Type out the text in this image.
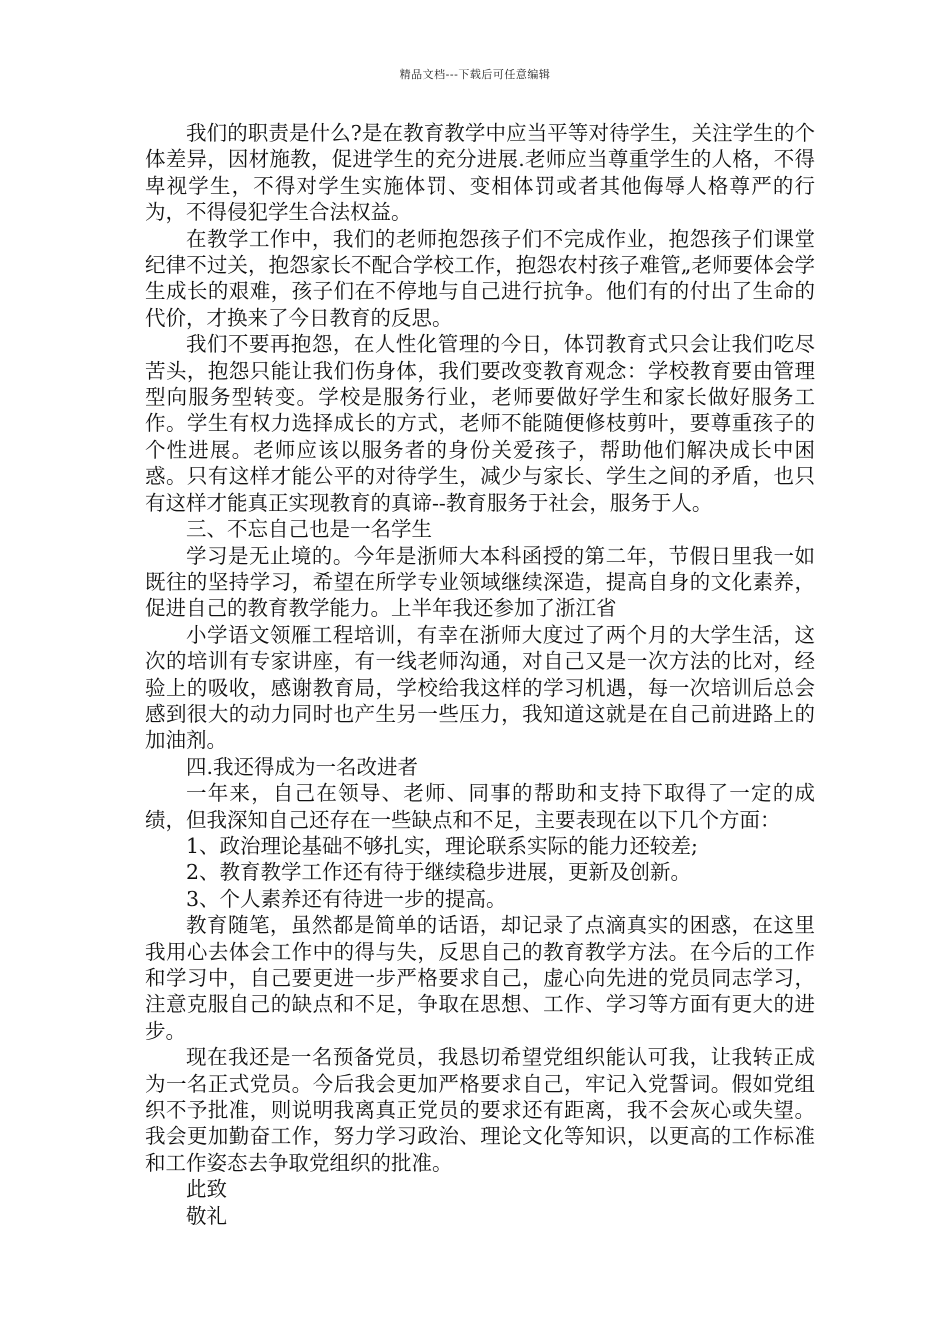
精品文档---下载后可任意编辑

我们的职责是什么?是在教育教学中应当平等对待学生，关注学生的个体差异，因材施教，促进学生的充分进展.老师应当尊重学生的人格，不得卑视学生，不得对学生实施体罚、变相体罚或者其他侮辱人格尊严的行为，不得侵犯学生合法权益。

在教学工作中，我们的老师抱怨孩子们不完成作业，抱怨孩子们课堂纪律不过关，抱怨家长不配合学校工作，抱怨农村孩子难管„老师要体会学生成长的艰难，孩子们在不停地与自己进行抗争。他们有的付出了生命的代价，才换来了今日教育的反思。

我们不要再抱怨，在人性化管理的今日，体罚教育式只会让我们吃尽苦头，抱怨只能让我们伤身体，我们要改变教育观念：学校教育要由管理型向服务型转变。学校是服务行业，老师要做好学生和家长做好服务工作。学生有权力选择成长的方式，老师不能随便修枝剪叶，要尊重孩子的个性进展。老师应该以服务者的身份关爱孩子，帮助他们解决成长中困惑。只有这样才能公平的对待学生，减少与家长、学生之间的矛盾，也只有这样才能真正实现教育的真谛--教育服务于社会，服务于人。

三、不忘自己也是一名学生

学习是无止境的。今年是浙师大本科函授的第二年，节假日里我一如既往的坚持学习，希望在所学专业领域继续深造，提高自身的文化素养，促进自己的教育教学能力。上半年我还参加了浙江省

小学语文领雁工程培训，有幸在浙师大度过了两个月的大学生活，这次的培训有专家讲座，有一线老师沟通，对自己又是一次方法的比对，经验上的吸收，感谢教育局，学校给我这样的学习机遇，每一次培训后总会感到很大的动力同时也产生另一些压力，我知道这就是在自己前进路上的加油剂。

四.我还得成为一名改进者

一年来，自己在领导、老师、同事的帮助和支持下取得了一定的成绩，但我深知自己还存在一些缺点和不足，主要表现在以下几个方面：

1、政治理论基础不够扎实，理论联系实际的能力还较差;

2、教育教学工作还有待于继续稳步进展，更新及创新。

3、个人素养还有待进一步的提高。

教育随笔，虽然都是简单的话语，却记录了点滴真实的困惑，在这里我用心去体会工作中的得与失，反思自己的教育教学方法。在今后的工作和学习中，自己要更进一步严格要求自己，虚心向先进的党员同志学习，注意克服自己的缺点和不足，争取在思想、工作、学习等方面有更大的进步。

现在我还是一名预备党员，我恳切希望党组织能认可我，让我转正成为一名正式党员。今后我会更加严格要求自己，牢记入党誓词。假如党组织不予批准，则说明我离真正党员的要求还有距离，我不会灰心或失望。我会更加勤奋工作，努力学习政治、理论文化等知识，以更高的工作标准和工作姿态去争取党组织的批准。

此致

敬礼
